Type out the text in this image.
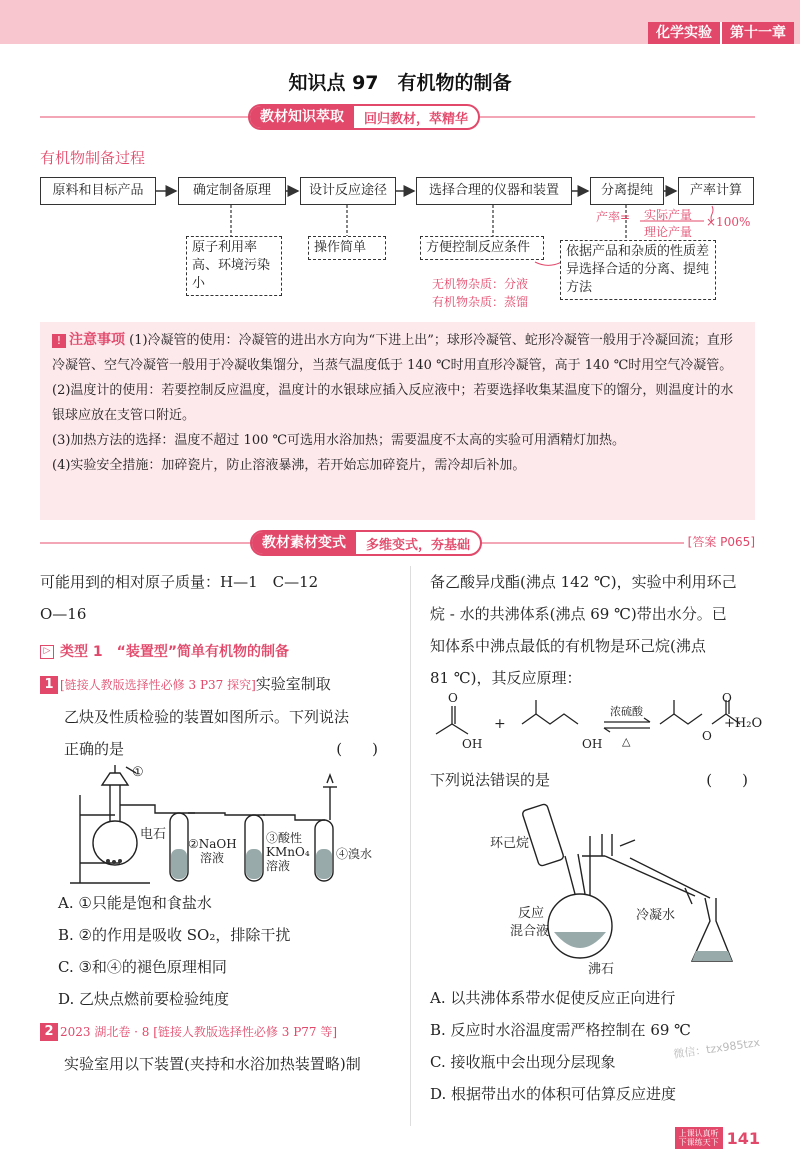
化学实验	第十一章
知识点 97　有机物的制备
教材知识萃取	回归教材，萃精华
有机物制备过程
原料和目标产品	确定制备原理	设计反应途径	选择合理的仪器和装置	分离提纯	产率计算
原子利用率高、环境污染小
操作简单	方便控制反应条件	依据产品和杂质的性质差异选择合适的分离、提纯方法
产率= 实际产量
理论产量
×100%
无机物杂质：分液
有机物杂质：蒸馏

! 注意事项 (1)冷凝管的使用：冷凝管的进出水方向为“下进上出”；球形冷凝管、蛇形冷凝管一般用于冷凝回流；直形冷凝管、空气冷凝管一般用于冷凝收集馏分，当蒸气温度低于 140 ℃时用直形冷凝管，高于 140 ℃时用空气冷凝管。

(2)温度计的使用：若要控制反应温度，温度计的水银球应插入反应液中；若要选择收集某温度下的馏分，则温度计的水银球应放在支管口附近。

(3)加热方法的选择：温度不超过 100 ℃可选用水浴加热；需要温度不太高的实验可用酒精灯加热。

(4)实验安全措施：加碎瓷片，防止溶液暴沸，若开始忘加碎瓷片，需冷却后补加。

教材素材变式	多维变式，夯基础	[答案 P065]
可能用到的相对原子质量：H—1　C—12
O—16
▷ 类型 1　“装置型”简单有机物的制备
1 [链接人教版选择性必修 3 P37 探究]实验室制取
乙炔及性质检验的装置如图所示。下列说法
正确的是	(　　)
①
电石
②NaOH
溶液
③酸性
KMnO₄
溶液
④溴水
A. ①只能是饱和食盐水
B. ②的作用是吸收 SO₂，排除干扰
C. ③和④的褪色原理相同
D. 乙炔点燃前要检验纯度
2 2023 湖北卷 · 8 [链接人教版选择性必修 3 P77 等]
实验室用以下装置(夹持和水浴加热装置略)制
备乙酸异戊酯(沸点 142 ℃)，实验中利用环己
烷 - 水的共沸体系(沸点 69 ℃)带出水分。已
知体系中沸点最低的有机物是环己烷(沸点
81 ℃)，其反应原理：
O
OH
+
OH
浓硫酸
△	O
O
+H₂O
下列说法错误的是	(　　)
环己烷
反应
混合液
沸石
冷凝水
A. 以共沸体系带水促使反应正向进行
B. 反应时水浴温度需严格控制在 69 ℃
C. 接收瓶中会出现分层现象
D. 根据带出水的体积可估算反应进度
微信：tzx985tzx
上课认真听
下课练天下 141
